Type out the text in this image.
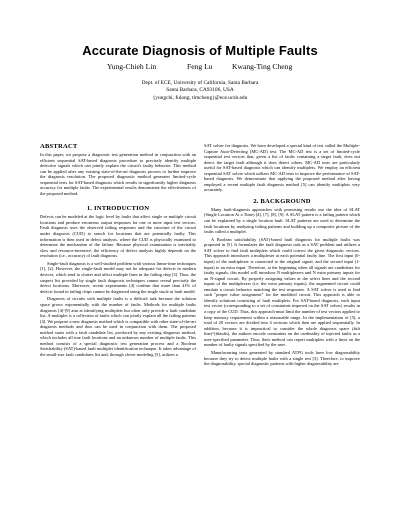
Accurate Diagnosis of Multiple Faults
Yung-Chieh Lin	Feng Lu	Kwang-Ting Cheng
Dept. of ECE, University of California, Santa Barbara
Santa Barbara, CA93106, USA
{yungchi, fulong, timcheng}@ece.ucsb.edu
ABSTRACT
In this paper, we propose a diagnostic test generation method in conjunction with an efficient sequential SAT-based diagnosis procedure to precisely identify multiple defective signals which can jointly explain the circuit's faulty behavior. This method can be applied after any existing state-of-the-art diagnosis process to further improve the diagnosis resolution. The proposed diagnostic method generates limited-cycle sequential tests for SAT-based diagnosis which results in significantly higher diagnosis accuracy for multiple faults. The experimental results demonstrate the effectiveness of the proposed method.
1. INTRODUCTION
Defects can be modeled at the logic level by faults that affect single or multiple circuit locations and produce erroneous output responses for one or more input test vectors. Fault diagnosis uses the observed failing responses and the structure of the circuit under diagnosis (CUD) to search for locations that are potentially faulty. This information is then used in defect analysis, where the CUD is physically examined to determine the mechanism of the failure. Because physical examination is inevitably slow and resource-intensive, the efficiency of defect analysis highly depends on the resolution (i.e., accuracy) of fault diagnosis.
Single-fault diagnosis is a well-studied problem with various linear-time techniques [1], [2]. However, the single-fault model may not be adequate for defects in modern devices, which tend to cluster and affect multiple lines in the failing chip [3]. Thus, the suspect list provided by single fault diagnosis techniques cannot reveal precisely the defect locations. Moreover, recent experiments [4] confirm that more than 41% of defects found in failing chips cannot be diagnosed using the single stuck-at fault model.
Diagnosis of circuits with multiple faults is a difficult task because the solution space grows exponentially with the number of faults. Methods for multiple faults diagnosis [4]-[9] aim at identifying multiplets but often only provide a fault candidate list. A multiplet is a collection of faults which can jointly explain all the failing patterns [4]. We propose a new diagnosis method which is compatible with other state-of-the-art diagnosis methods and thus can be used in conjunction with them. The proposed method starts with a fault candidate list, produced by any existing diagnosis method, which includes all true fault locations and an unknown number of multiple faults. This method consists of a special diagnostic test generation process and a Boolean Satisfiability (SAT)-based fault multiplet identification technique. It takes advantage of the small-size fault candidates list and, through clever modeling [5], utilizes a
SAT solver for diagnosis. We have developed a special kind of test called the Multiple-Capture Auto-Detecting (MC-AD) test. The MC-AD test is a set of limited-cycle sequential test vectors that, given a list of faults containing a target fault, does not detect the target fault although it does detect others. MC-AD tests are particularly useful for SAT-based diagnosis which can identify multiplets. We employ an efficient sequential SAT solver which utilizes MC-AD tests to improve the performance of SAT-based diagnosis. We demonstrate that applying the proposed method after having employed a recent multiple fault diagnosis method [5] can identify multiplets very accurately.
2. BACKGROUND
Many fault-diagnosis approaches with promising results use the idea of SLAT (Single Location At a Time) [4], [7], [8], [9]. A SLAT pattern is a failing pattern which can be explained by a single location fault. SLAT patterns are used to determine the fault locations by analyzing failing patterns and building up a composite picture of the faults called a multiplet.
A Boolean satisfiability (SAT)-based fault diagnosis for multiple faults was proposed in [5]. It formulates the fault diagnosis task as a SAT problem and utilizes a SAT solver to find fault multiplets which could correct the given diagnostic vectors. This approach introduces a multiplexer at each potential faulty line. The first input (0-input) of the multiplexer is connected to the original signal, and the second input (1-input) to an extra input. Therefore, at the beginning when all signals are candidates for faulty signals, this model will introduce N multiplexers and N extra primary inputs for an N-signal circuit. By properly assigning values at the select lines and the second inputs of the multiplexers (i.e. the extra primary inputs), the augmented circuit could emulate a circuit behavior matching the test responses. A SAT solver is used to find such "proper value assignment" for the modified circuit. This approach is able to identify solutions consisting of fault multiplets. For SAT-based diagnosis, each input test vector (corresponding to a set of constraints imposed on the SAT solver) results in a copy of the CUD. Thus, this approach must limit the number of test vectors applied to keep memory requirement within a reasonable range. In the implementation of [5], a total of 20 vectors are divided into 4 sections which then are applied sequentially. In addition, because it is impractical to consider the whole diagnosis space (#slt line)^(#faults), the authors encode constraints on the cardinality of injected faults as a user-specified parameter. Thus, their method can report multiplets with a limit on the number of faulty signals specified by the user.
Manufacturing tests generated by standard ATPG tools have low diagnosability because they try to detect multiple faults with a single test [3]. Therefore, to improve the diagnosability, special diagnostic patterns with higher diagnosability are
